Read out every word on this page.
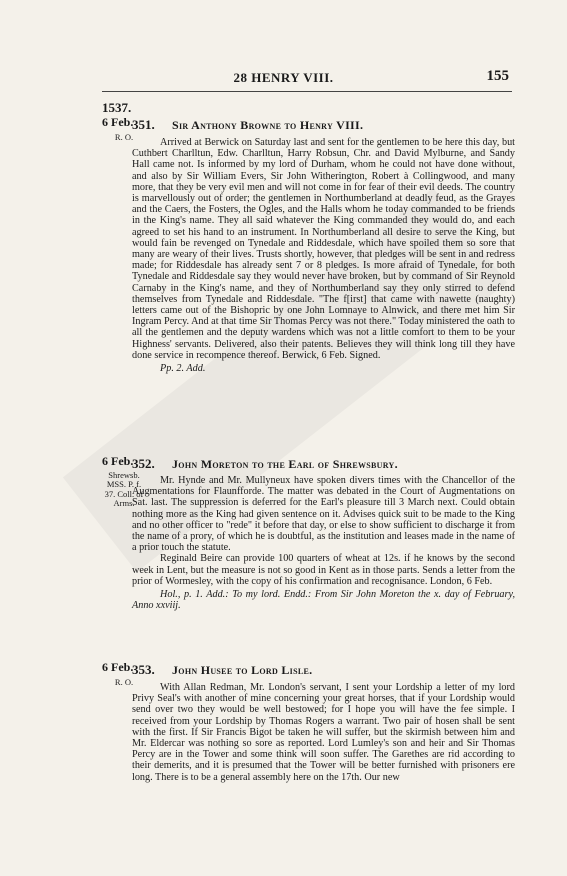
28 HENRY VIII.	155
1537.
6 Feb.
R. O.
351. Sir Anthony Browne to Henry VIII.

Arrived at Berwick on Saturday last and sent for the gentlemen to be here this day, but Cuthbert Charlltun, Edw. Charlltun, Harry Robsun, Chr. and David Mylburne, and Sandy Hall came not. Is informed by my lord of Durham, whom he could not have done without, and also by Sir William Evers, Sir John Witherington, Robert à Collingwood, and many more, that they be very evil men and will not come in for fear of their evil deeds. The country is marvellously out of order; the gentlemen in Northumberland at deadly feud, as the Grayes and the Caers, the Fosters, the Ogles, and the Halls whom he today commanded to be friends in the King's name. They all said whatever the King commanded they would do, and each agreed to set his hand to an instrument. In Northumberland all desire to serve the King, but would fain be revenged on Tynedale and Riddesdale, which have spoiled them so sore that many are weary of their lives. Trusts shortly, however, that pledges will be sent in and redress made; for Riddesdale has already sent 7 or 8 pledges. Is more afraid of Tynedale, for both Tynedale and Riddesdale say they would never have broken, but by command of Sir Reynold Carnaby in the King's name, and they of Northumberland say they only stirred to defend themselves from Tynedale and Riddesdale. "The f[irst] that came with nawette (naughty) letters came out of the Bishopric by one John Lomnaye to Alnwick, and there met him Sir Ingram Percy. And at that time Sir Thomas Percy was not there." Today ministered the oath to all the gentlemen and the deputy wardens which was not a little comfort to them to be your Highness' servants. Delivered, also their patents. Believes they will think long till they have done service in recompence thereof. Berwick, 6 Feb. Signed.

Pp. 2. Add.

6 Feb.
Shrewsb. MSS. P. f. 37. Coll. of Arms.
352. John Moreton to the Earl of Shrewsbury.

Mr. Hynde and Mr. Mullyneux have spoken divers times with the Chancellor of the Augmentations for Flaunfforde. The matter was debated in the Court of Augmentations on Sat. last. The suppression is deferred for the Earl's pleasure till 3 March next. Could obtain nothing more as the King had given sentence on it. Advises quick suit to be made to the King and no other officer to "rede" it before that day, or else to show sufficient to discharge it from the name of a prory, of which he is doubtful, as the institution and leases made in the name of a prior touch the statute.

Reginald Beire can provide 100 quarters of wheat at 12s. if he knows by the second week in Lent, but the measure is not so good in Kent as in those parts. Sends a letter from the prior of Wormesley, with the copy of his confirmation and recognisance. London, 6 Feb.

Hol., p. 1. Add.: To my lord. Endd.: From Sir John Moreton the x. day of February, Anno xxviij.

6 Feb.
R. O.
353. John Husee to Lord Lisle.

With Allan Redman, Mr. London's servant, I sent your Lordship a letter of my lord Privy Seal's with another of mine concerning your great horses, that if your Lordship would send over two they would be well bestowed; for I hope you will have the fee simple. I received from your Lordship by Thomas Rogers a warrant. Two pair of hosen shall be sent with the first. If Sir Francis Bigot be taken he will suffer, but the skirmish between him and Mr. Eldercar was nothing so sore as reported. Lord Lumley's son and heir and Sir Thomas Percy are in the Tower and some think will soon suffer. The Garethes are rid according to their demerits, and it is presumed that the Tower will be better furnished with prisoners ere long. There is to be a general assembly here on the 17th. Our new
